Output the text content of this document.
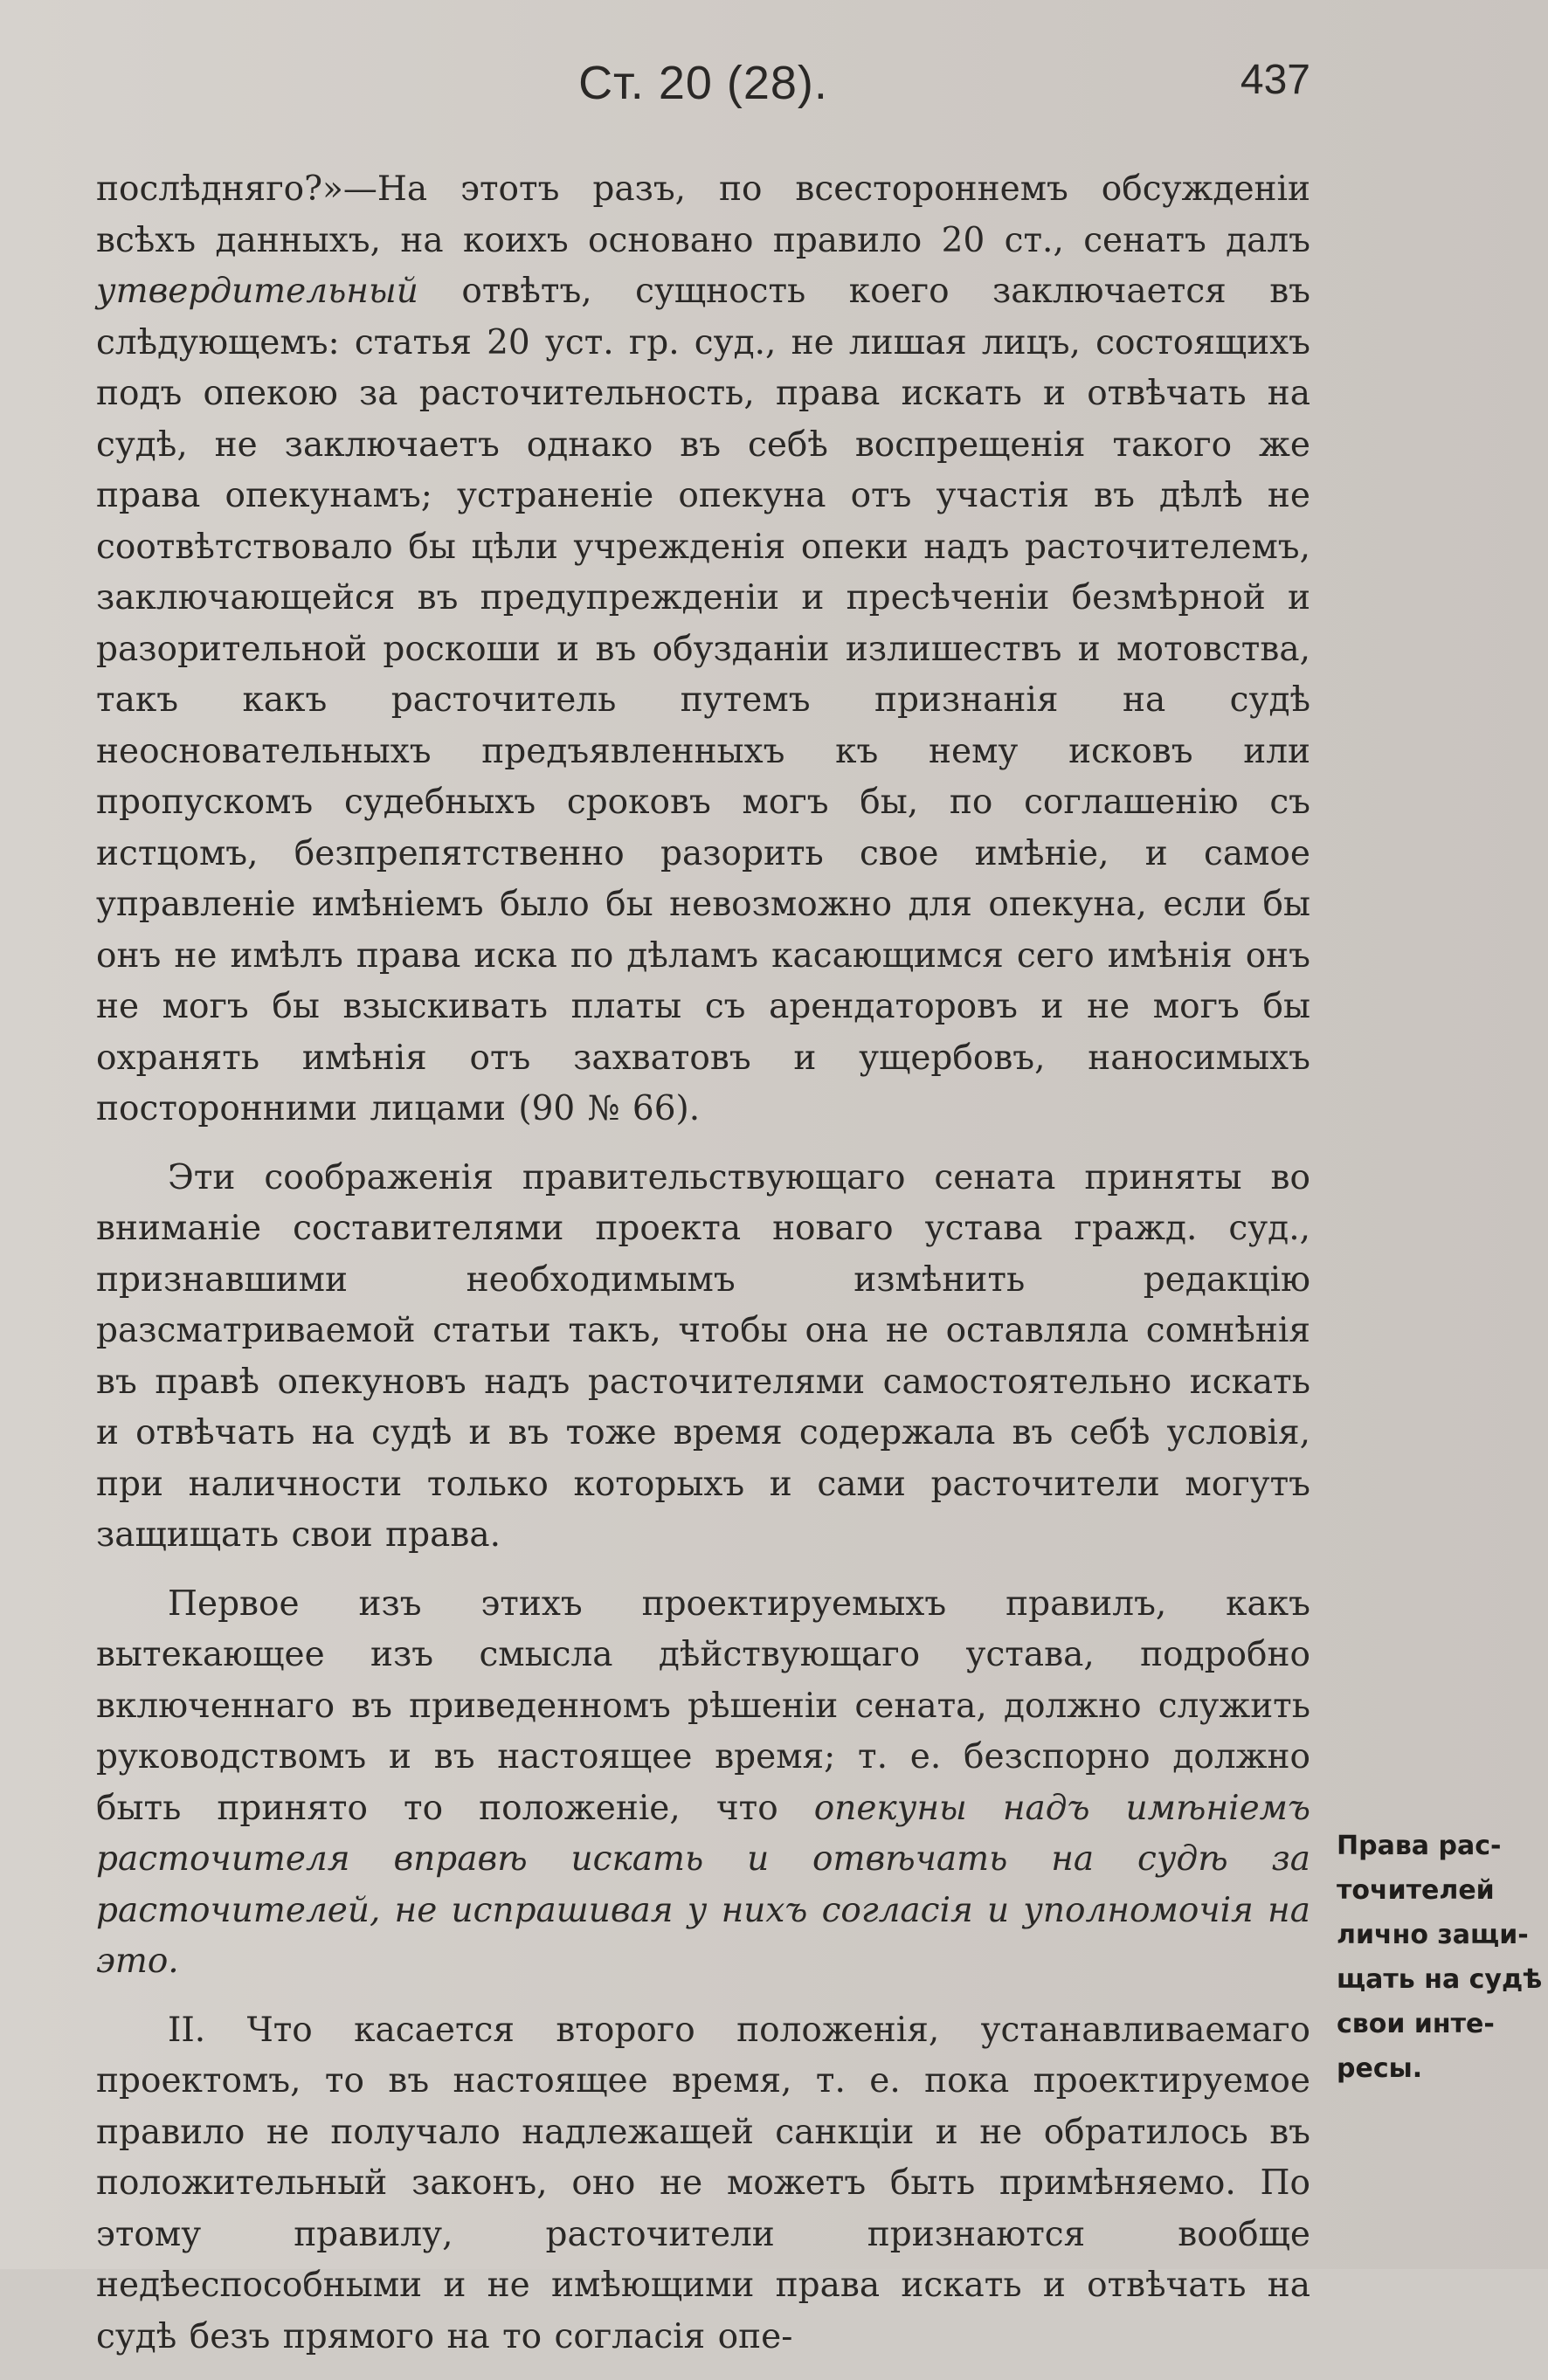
Ст. 20 (28).	437

послѣдняго?»—На этотъ разъ, по всестороннемъ обсужденіи всѣхъ данныхъ, на коихъ основано правило 20 ст., сенатъ далъ утвердительный отвѣтъ, сущность коего заключается въ слѣдующемъ: статья 20 уст. гр. суд., не лишая лицъ, состоящихъ подъ опекою за расточительность, права искать и отвѣчать на судѣ, не заключаетъ однако въ себѣ воспрещенія такого же права опекунамъ; устраненіе опекуна отъ участія въ дѣлѣ не соотвѣтствовало бы цѣли учрежденія опеки надъ расточителемъ, заключающейся въ предупрежденіи и пресѣченіи безмѣрной и разорительной роскоши и въ обузданіи излишествъ и мотовства, такъ какъ расточитель путемъ признанія на судѣ неосновательныхъ предъявленныхъ къ нему исковъ или пропускомъ судебныхъ сроковъ могъ бы, по соглашенію съ истцомъ, безпрепятственно разорить свое имѣніе, и самое управленіе имѣніемъ было бы невозможно для опекуна, если бы онъ не имѣлъ права иска по дѣламъ касающимся сего имѣнія онъ не могъ бы взыскивать платы съ арендаторовъ и не могъ бы охранять имѣнія отъ захватовъ и ущербовъ, наносимыхъ посторонними лицами (90 № 66).

Эти соображенія правительствующаго сената приняты во вниманіе составителями проекта новаго устава гражд. суд., признавшими необходимымъ измѣнить редакцію разсматриваемой статьи такъ, чтобы она не оставляла сомнѣнія въ правѣ опекуновъ надъ расточителями самостоятельно искать и отвѣчать на судѣ и въ тоже время содержала въ себѣ условія, при наличности только которыхъ и сами расточители могутъ защищать свои права.

Первое изъ этихъ проектируемыхъ правилъ, какъ вытекающее изъ смысла дѣйствующаго устава, подробно включеннаго въ приведенномъ рѣшеніи сената, должно служить руководствомъ и въ настоящее время; т. е. безспорно должно быть принято то положеніе, что опекуны надъ имѣніемъ расточителя вправѣ искать и отвѣчать на судѣ за расточителей, не испрашивая у нихъ согласія и уполномочія на это.

II. Что касается второго положенія, устанавливаемаго проектомъ, то въ настоящее время, т. е. пока проектируемое правило не получало надлежащей санкціи и не обратилось въ положительный законъ, оно не можетъ быть примѣняемо. По этому правилу, расточители признаются вообще недѣеспособными и не имѣющими права искать и отвѣчать на судѣ безъ прямого на то согласія опе-

Права рас-
точителей
лично защи-
щать на судѣ
свои инте-
ресы.
